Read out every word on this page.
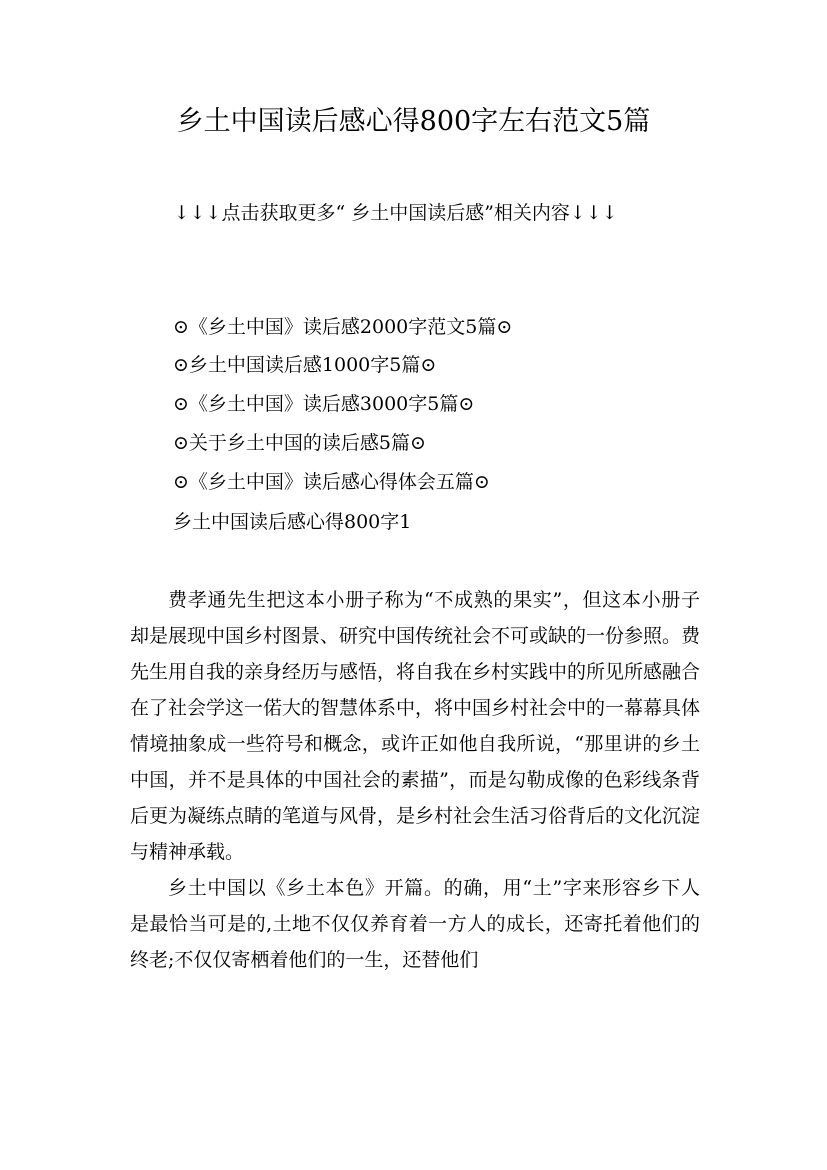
乡土中国读后感心得800字左右范文5篇

↓↓↓点击获取更多“ 乡土中国读后感”相关内容↓↓↓

⊙《乡土中国》读后感2000字范文5篇⊙
⊙乡土中国读后感1000字5篇⊙
⊙《乡土中国》读后感3000字5篇⊙
⊙关于乡土中国的读后感5篇⊙
⊙《乡土中国》读后感心得体会五篇⊙
乡土中国读后感心得800字1

费孝通先生把这本小册子称为“不成熟的果实”，但这本小册子却是展现中国乡村图景、研究中国传统社会不可或缺的一份参照。费先生用自我的亲身经历与感悟，将自我在乡村实践中的所见所感融合在了社会学这一偌大的智慧体系中，将中国乡村社会中的一幕幕具体情境抽象成一些符号和概念，或许正如他自我所说，“那里讲的乡土中国，并不是具体的中国社会的素描”，而是勾勒成像的色彩线条背后更为凝练点睛的笔道与风骨，是乡村社会生活习俗背后的文化沉淀与精神承载。

乡土中国以《乡土本色》开篇。的确，用“土”字来形容乡下人是最恰当可是的,土地不仅仅养育着一方人的成长，还寄托着他们的终老;不仅仅寄栖着他们的一生，还替他们
